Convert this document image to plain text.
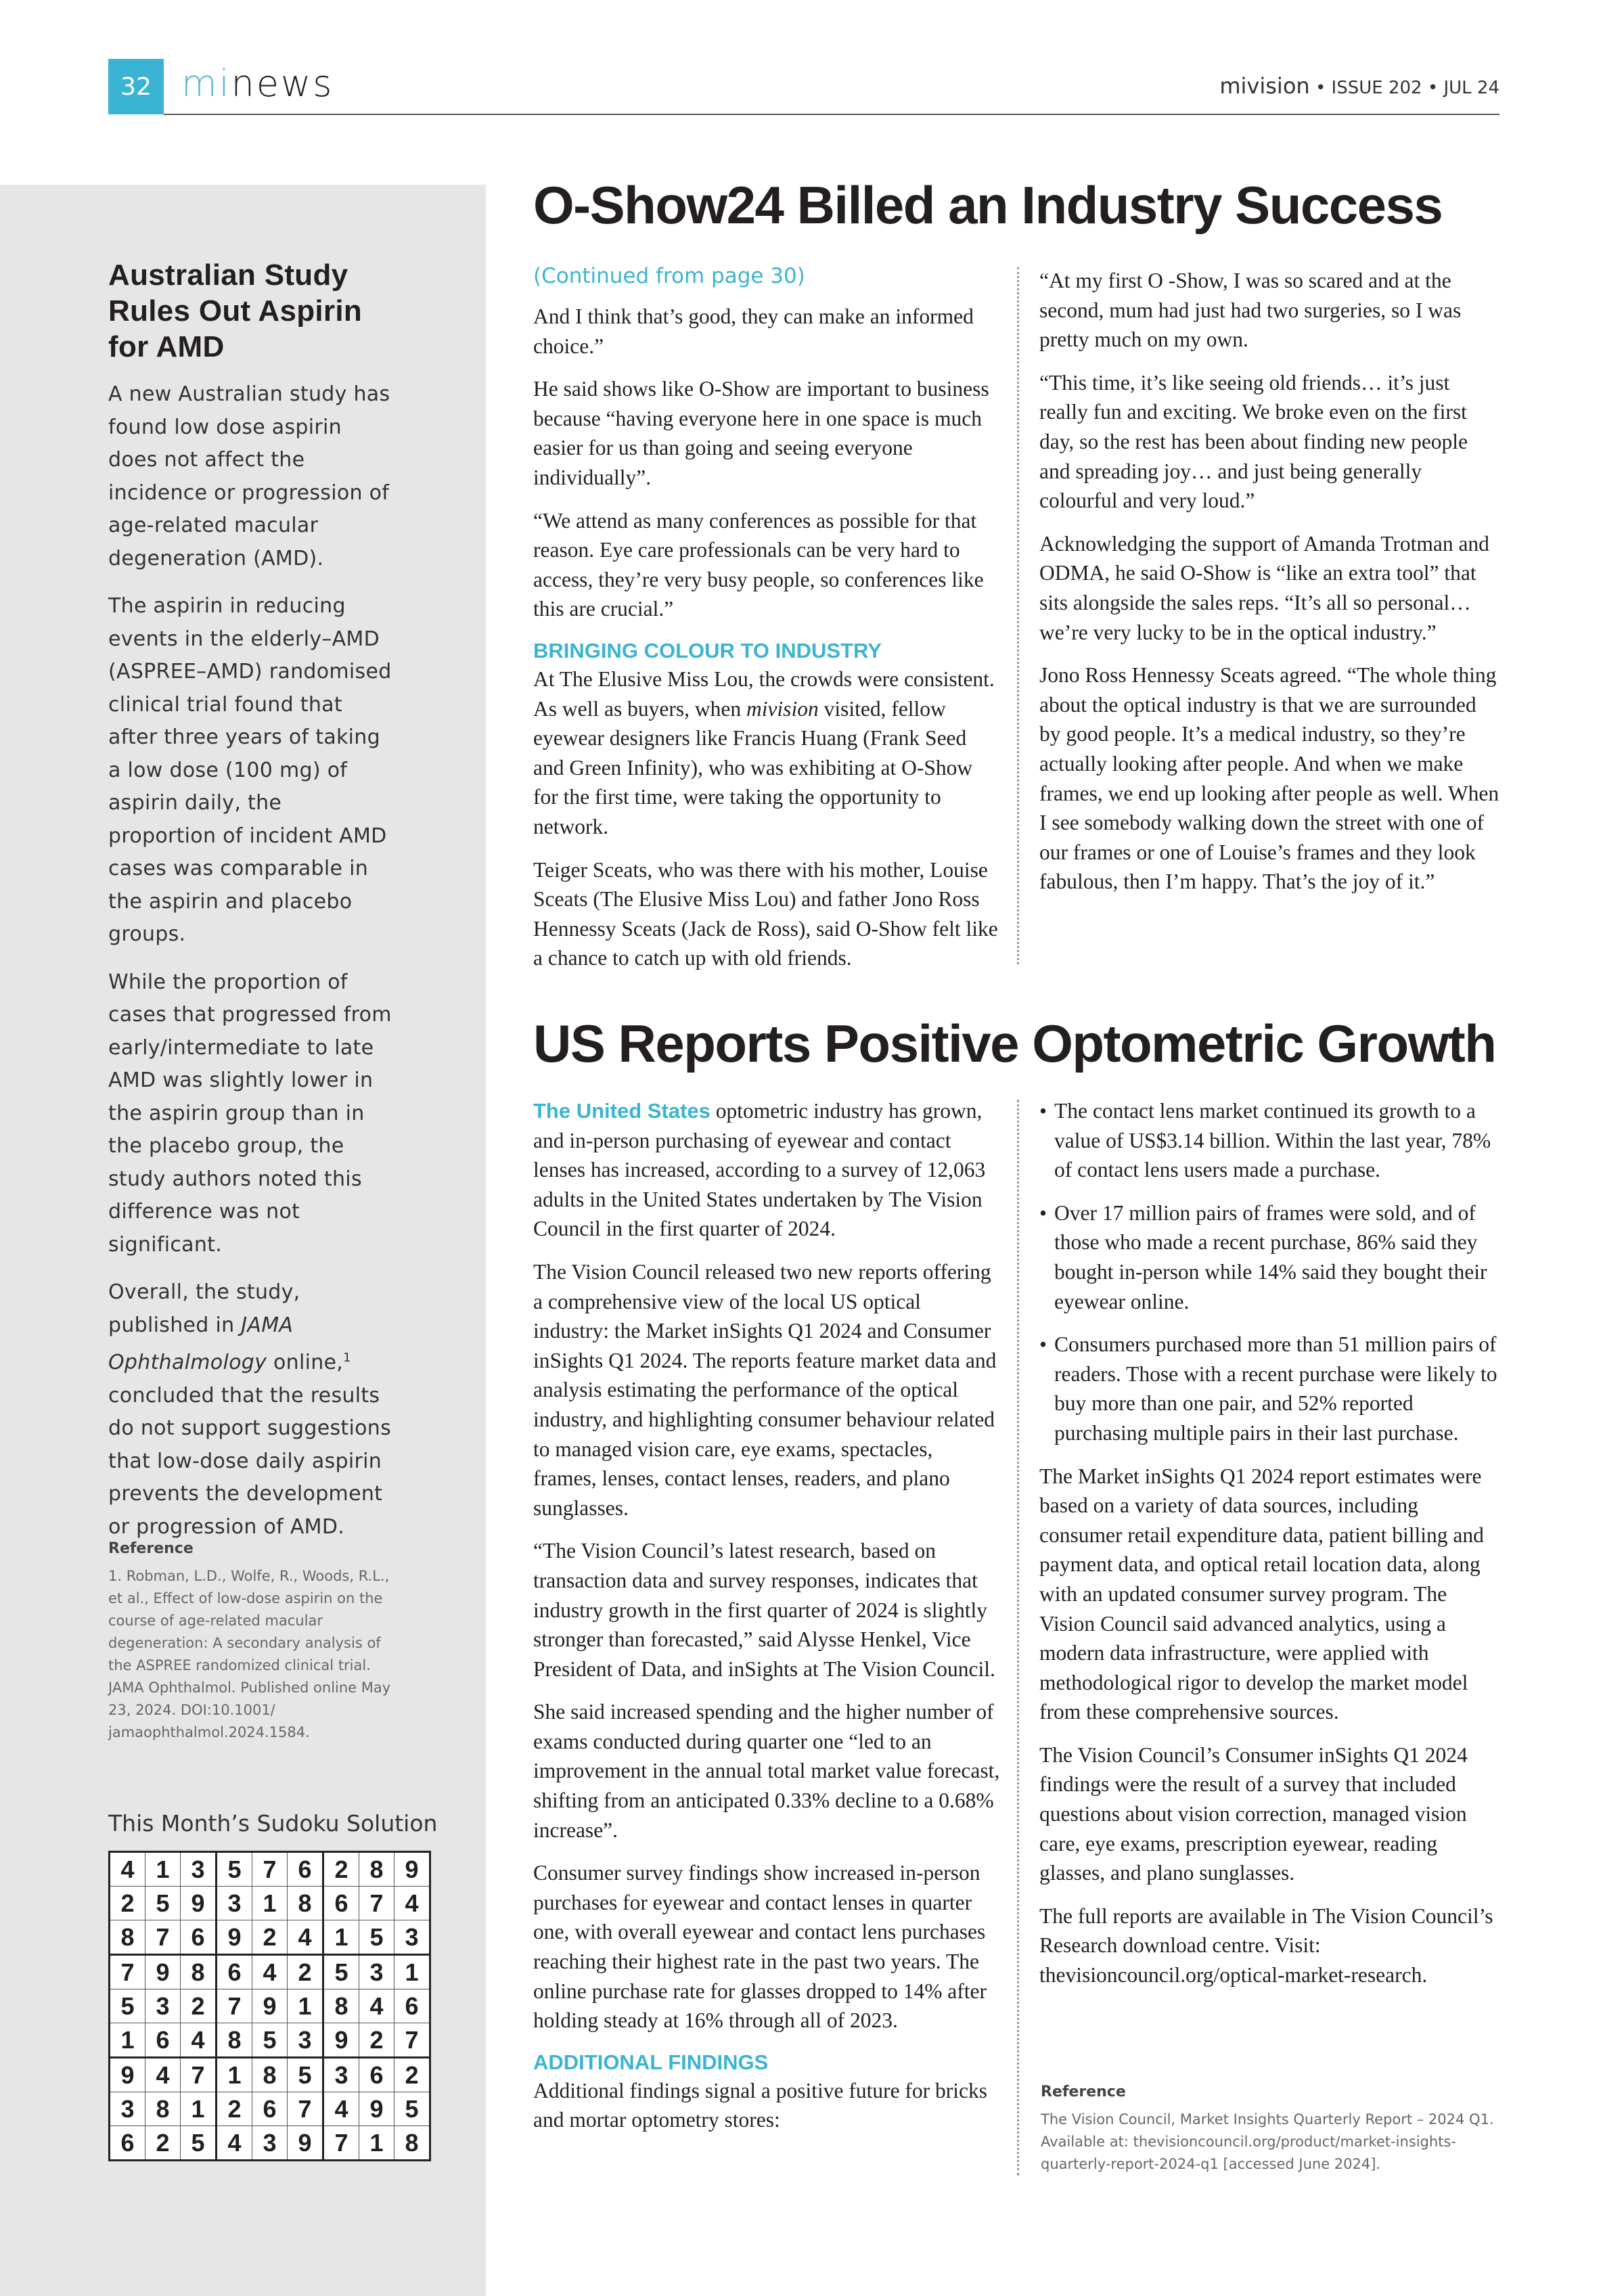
32 minews	mivision • ISSUE 202 • JUL 24
Australian Study Rules Out Aspirin for AMD

A new Australian study has found low dose aspirin does not affect the incidence or progression of age-related macular degeneration (AMD).

The aspirin in reducing events in the elderly–AMD (ASPREE–AMD) randomised clinical trial found that after three years of taking a low dose (100 mg) of aspirin daily, the proportion of incident AMD cases was comparable in the aspirin and placebo groups.

While the proportion of cases that progressed from early/intermediate to late AMD was slightly lower in the aspirin group than in the placebo group, the study authors noted this difference was not significant.

Overall, the study, published in JAMA Ophthalmology online,$^1$ concluded that the results do not support suggestions that low-dose daily aspirin prevents the development or progression of AMD.

Reference
1. Robman, L.D., Wolfe, R., Woods, R.L., et al., Effect of low-dose aspirin on the course of age-related macular degeneration: A secondary analysis of the ASPREE randomized clinical trial. JAMA Ophthalmol. Published online May 23, 2024. DOI:10.1001/ jamaophthalmol.2024.1584.
This Month’s Sudoku Solution
4	1	3	5	7	6	2	8	9
2	5	9	3	1	8	6	7	4
8	7	6	9	2	4	1	5	3
7	9	8	6	4	2	5	3	1
5	3	2	7	9	1	8	4	6
1	6	4	8	5	3	9	2	7
9	4	7	1	8	5	3	6	2
3	8	1	2	6	7	4	9	5
6	2	5	4	3	9	7	1	8
O-Show24 Billed an Industry Success
(Continued from page 30)

And I think that’s good, they can make an informed choice.”

He said shows like O-Show are important to business because “having everyone here in one space is much easier for us than going and seeing everyone individually”.

“We attend as many conferences as possible for that reason. Eye care professionals can be very hard to access, they’re very busy people, so conferences like this are crucial.”

BRINGING COLOUR TO INDUSTRY

At The Elusive Miss Lou, the crowds were consistent. As well as buyers, when mivision visited, fellow eyewear designers like Francis Huang (Frank Seed and Green Infinity), who was exhibiting at O-Show for the first time, were taking the opportunity to network.

Teiger Sceats, who was there with his mother, Louise Sceats (The Elusive Miss Lou) and father Jono Ross Hennessy Sceats (Jack de Ross), said O-Show felt like a chance to catch up with old friends.

“At my first O -Show, I was so scared and at the second, mum had just had two surgeries, so I was pretty much on my own.

“This time, it’s like seeing old friends… it’s just really fun and exciting. We broke even on the first day, so the rest has been about finding new people and spreading joy… and just being generally colourful and very loud.”

Acknowledging the support of Amanda Trotman and ODMA, he said O-Show is “like an extra tool” that sits alongside the sales reps. “It’s all so personal… we’re very lucky to be in the optical industry.”

Jono Ross Hennessy Sceats agreed. “The whole thing about the optical industry is that we are surrounded by good people. It’s a medical industry, so they’re actually looking after people. And when we make frames, we end up looking after people as well. When I see somebody walking down the street with one of our frames or one of Louise’s frames and they look fabulous, then I’m happy. That’s the joy of it.”

US Reports Positive Optometric Growth

The United States optometric industry has grown, and in-person purchasing of eyewear and contact lenses has increased, according to a survey of 12,063 adults in the United States undertaken by The Vision Council in the first quarter of 2024.

The Vision Council released two new reports offering a comprehensive view of the local US optical industry: the Market inSights Q1 2024 and Consumer inSights Q1 2024. The reports feature market data and analysis estimating the performance of the optical industry, and highlighting consumer behaviour related to managed vision care, eye exams, spectacles, frames, lenses, contact lenses, readers, and plano sunglasses.

“The Vision Council’s latest research, based on transaction data and survey responses, indicates that industry growth in the first quarter of 2024 is slightly stronger than forecasted,” said Alysse Henkel, Vice President of Data, and inSights at The Vision Council.

She said increased spending and the higher number of exams conducted during quarter one “led to an improvement in the annual total market value forecast, shifting from an anticipated 0.33% decline to a 0.68% increase”.

Consumer survey findings show increased in-person purchases for eyewear and contact lenses in quarter one, with overall eyewear and contact lens purchases reaching their highest rate in the past two years. The online purchase rate for glasses dropped to 14% after holding steady at 16% through all of 2023.

ADDITIONAL FINDINGS

Additional findings signal a positive future for bricks and mortar optometry stores:

• The contact lens market continued its growth to a value of US$3.14 billion. Within the last year, 78% of contact lens users made a purchase.
• Over 17 million pairs of frames were sold, and of those who made a recent purchase, 86% said they bought in-person while 14% said they bought their eyewear online.
• Consumers purchased more than 51 million pairs of readers. Those with a recent purchase were likely to buy more than one pair, and 52% reported purchasing multiple pairs in their last purchase.

The Market inSights Q1 2024 report estimates were based on a variety of data sources, including consumer retail expenditure data, patient billing and payment data, and optical retail location data, along with an updated consumer survey program. The Vision Council said advanced analytics, using a modern data infrastructure, were applied with methodological rigor to develop the market model from these comprehensive sources.

The Vision Council’s Consumer inSights Q1 2024 findings were the result of a survey that included questions about vision correction, managed vision care, eye exams, prescription eyewear, reading glasses, and plano sunglasses.

The full reports are available in The Vision Council’s Research download centre. Visit: thevisioncouncil.org/optical-market-research.

Reference
The Vision Council, Market Insights Quarterly Report – 2024 Q1. Available at: thevisioncouncil.org/product/market-insights-quarterly-report-2024-q1 [accessed June 2024].
